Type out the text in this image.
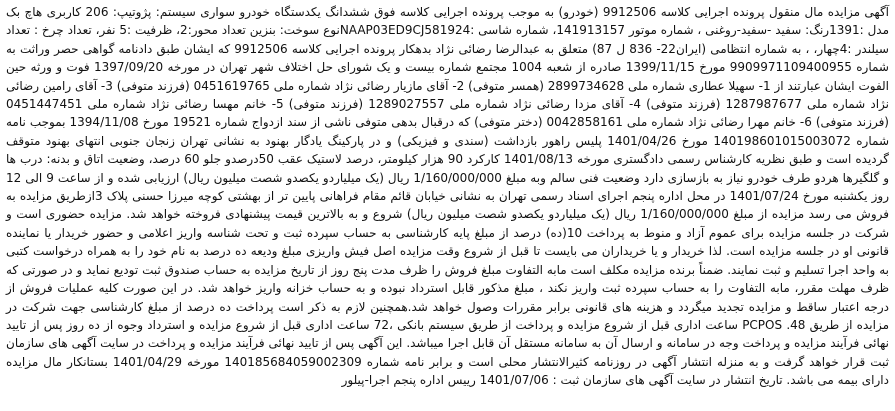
آگهی مزایده مال منقول پرونده اجرایی کلاسه 9912506 (خودرو) به موجب پرونده اجرایی کلاسه فوق ششدانگ یکدستگاه خودرو سواری سیستم: پژوتیپ: 206 کاربری هاچ بک مدل :1391رنگ: سفید -سفید-روغنی ، شماره موتور 141913157، شماره شاسی :NAAP03ED9CJ581924نوع سوخت: بنزین تعداد محور:2، ظرفیت :5 نفر، تعداد چرخ : تعداد سیلندر :4چهار، ، به شماره انتظامی (ایران22- 836 ل 87) متعلق به عبدالرضا رضائی نژاد بدهکار پرونده اجرایی کلاسه 9912506 که ایشان طبق دادنامه گواهی حصر وراثت به شماره 9909971109400955 مورخ 1399/11/15 صادره از شعبه 1004 مجتمع شماره بیست و یک شورای حل اختلاف شهر تهران در مورخه 1397/09/20 فوت و ورثه حین الفوت ایشان عبارتند از 1- سهیلا عطاری شماره ملی 2899734628 (همسر متوفی) 2- آقای مازیار رضائی نژاد شماره ملی 0451619765 (فرزند متوفی) 3- آقای رامین رضائی نژاد شماره ملی 1287987677 (فرزند متوفی) 4- آقای مزدا رضائی نژاد شماره ملی 1289027557 (فرزند متوفی) 5- خانم مهسا رضائی نژاد شماره ملی 0451447451 (فرزند متوفی) 6- خانم مهرا رضائی نژاد شماره ملی 0042858161 (دختر متوفی) که درقبال بدهی متوفی ناشی از سند ازدواج شماره 19521 مورخ 1394/11/08 بموجب نامه شماره 140198601015003072 مورخ 1401/04/26 پلیس راهور بازداشت (سندی و فیزیکی) و در پارکینگ یادگار بهنود به نشانی تهران زنجان جنوبی انتهای بهنود متوقف گردیده است و طبق نظریه کارشناس رسمی دادگستری مورخه 1401/08/13 کارکرد 90 هزار کیلومتر، درصد لاستیک عقب 50درصدو جلو 60 درصد، وضعیت اتاق و بدنه: درب ها و گلگیرها هردو طرف خودرو نیاز به بازسازی دارد وضعیت فنی سالم وبه مبلغ 1/160/000/000 ریال (یک میلیاردو یکصدو شصت میلیون ریال) ارزیابی شده و از ساعت 9 الی 12 روز یکشنبه مورخ 1401/07/24 در محل اداره پنجم اجرای اسناد رسمی تهران به نشانی خیابان قائم مقام فراهانی پایین تر از بهشتی کوچه میرزا حسنی پلاک 3ازطریق مزایده به فروش می رسد مزایده از مبلغ 1/160/000/000 ریال (یک میلیاردو یکصدو شصت میلیون ریال) شروع و به بالاترین قیمت پیشنهادی فروخته خواهد شد. مزایده حضوری است و شرکت در جلسه مزایده برای عموم آزاد و منوط به پرداخت 10(ده) درصد از مبلغ پایه کارشناسی به حساب سپرده ثبت و تحت شناسه واریز اعلامی و حضور خریدار یا نماینده قانونی او در جلسه مزایده است. لذا خریدار و یا خریداران می بایست تا قبل از شروع وقت مزایده اصل فیش واریزی مبلغ ودیعه ده درصد به نام خود را به همراه درخواست کتبی به واحد اجرا تسلیم و ثبت نمایند. ضمناً برنده مزایده مکلف است مابه التفاوت مبلغ فروش را ظرف مدت پنج روز از تاریخ مزایده به حساب صندوق ثبت تودیع نماید و در صورتی که ظرف مهلت مقرر، مابه التفاوت را به حساب سپرده ثبت واریز نکند ، مبلغ مذکور قابل استرداد نبوده و به حساب خزانه واریز خواهد شد. در این صورت کلیه عملیات فروش از درجه اعتبار ساقط و مزایده تجدید میگردد و هزینه های قانونی برابر مقررات وصول خواهد شد.همچنین لازم به ذکر است پرداخت ده درصد از مبلغ کارشناسی جهت شرکت در مزایده از طریق 48. PCPOS ساعت اداری قبل از شروع مزایده و پرداخت از طریق سیستم بانکی ،72 ساعت اداری قبل از شروع مزایده و استرداد وجوه از ده روز پس از تایید نهائی فرآیند مزایده و پرداخت وجه در سامانه و ارسال آن به سامانه مستقل آن قابل اجرا میباشد. این آگهی پس از تایید نهائی فرآیند مزایده و پرداخت در سایت آگهی های سازمان ثبت قرار خواهد گرفت و به منزله انتشار آگهی در روزنامه کثیرالانتشار محلی است و برابر نامه شماره 140185684059002309 مورخه 1401/04/29 بستانکار مال مزایده دارای بیمه می باشد. تاریخ انتشار در سایت آگهی های سازمان ثبت : 1401/07/06 رییس اداره پنجم اجرا-پیلور
